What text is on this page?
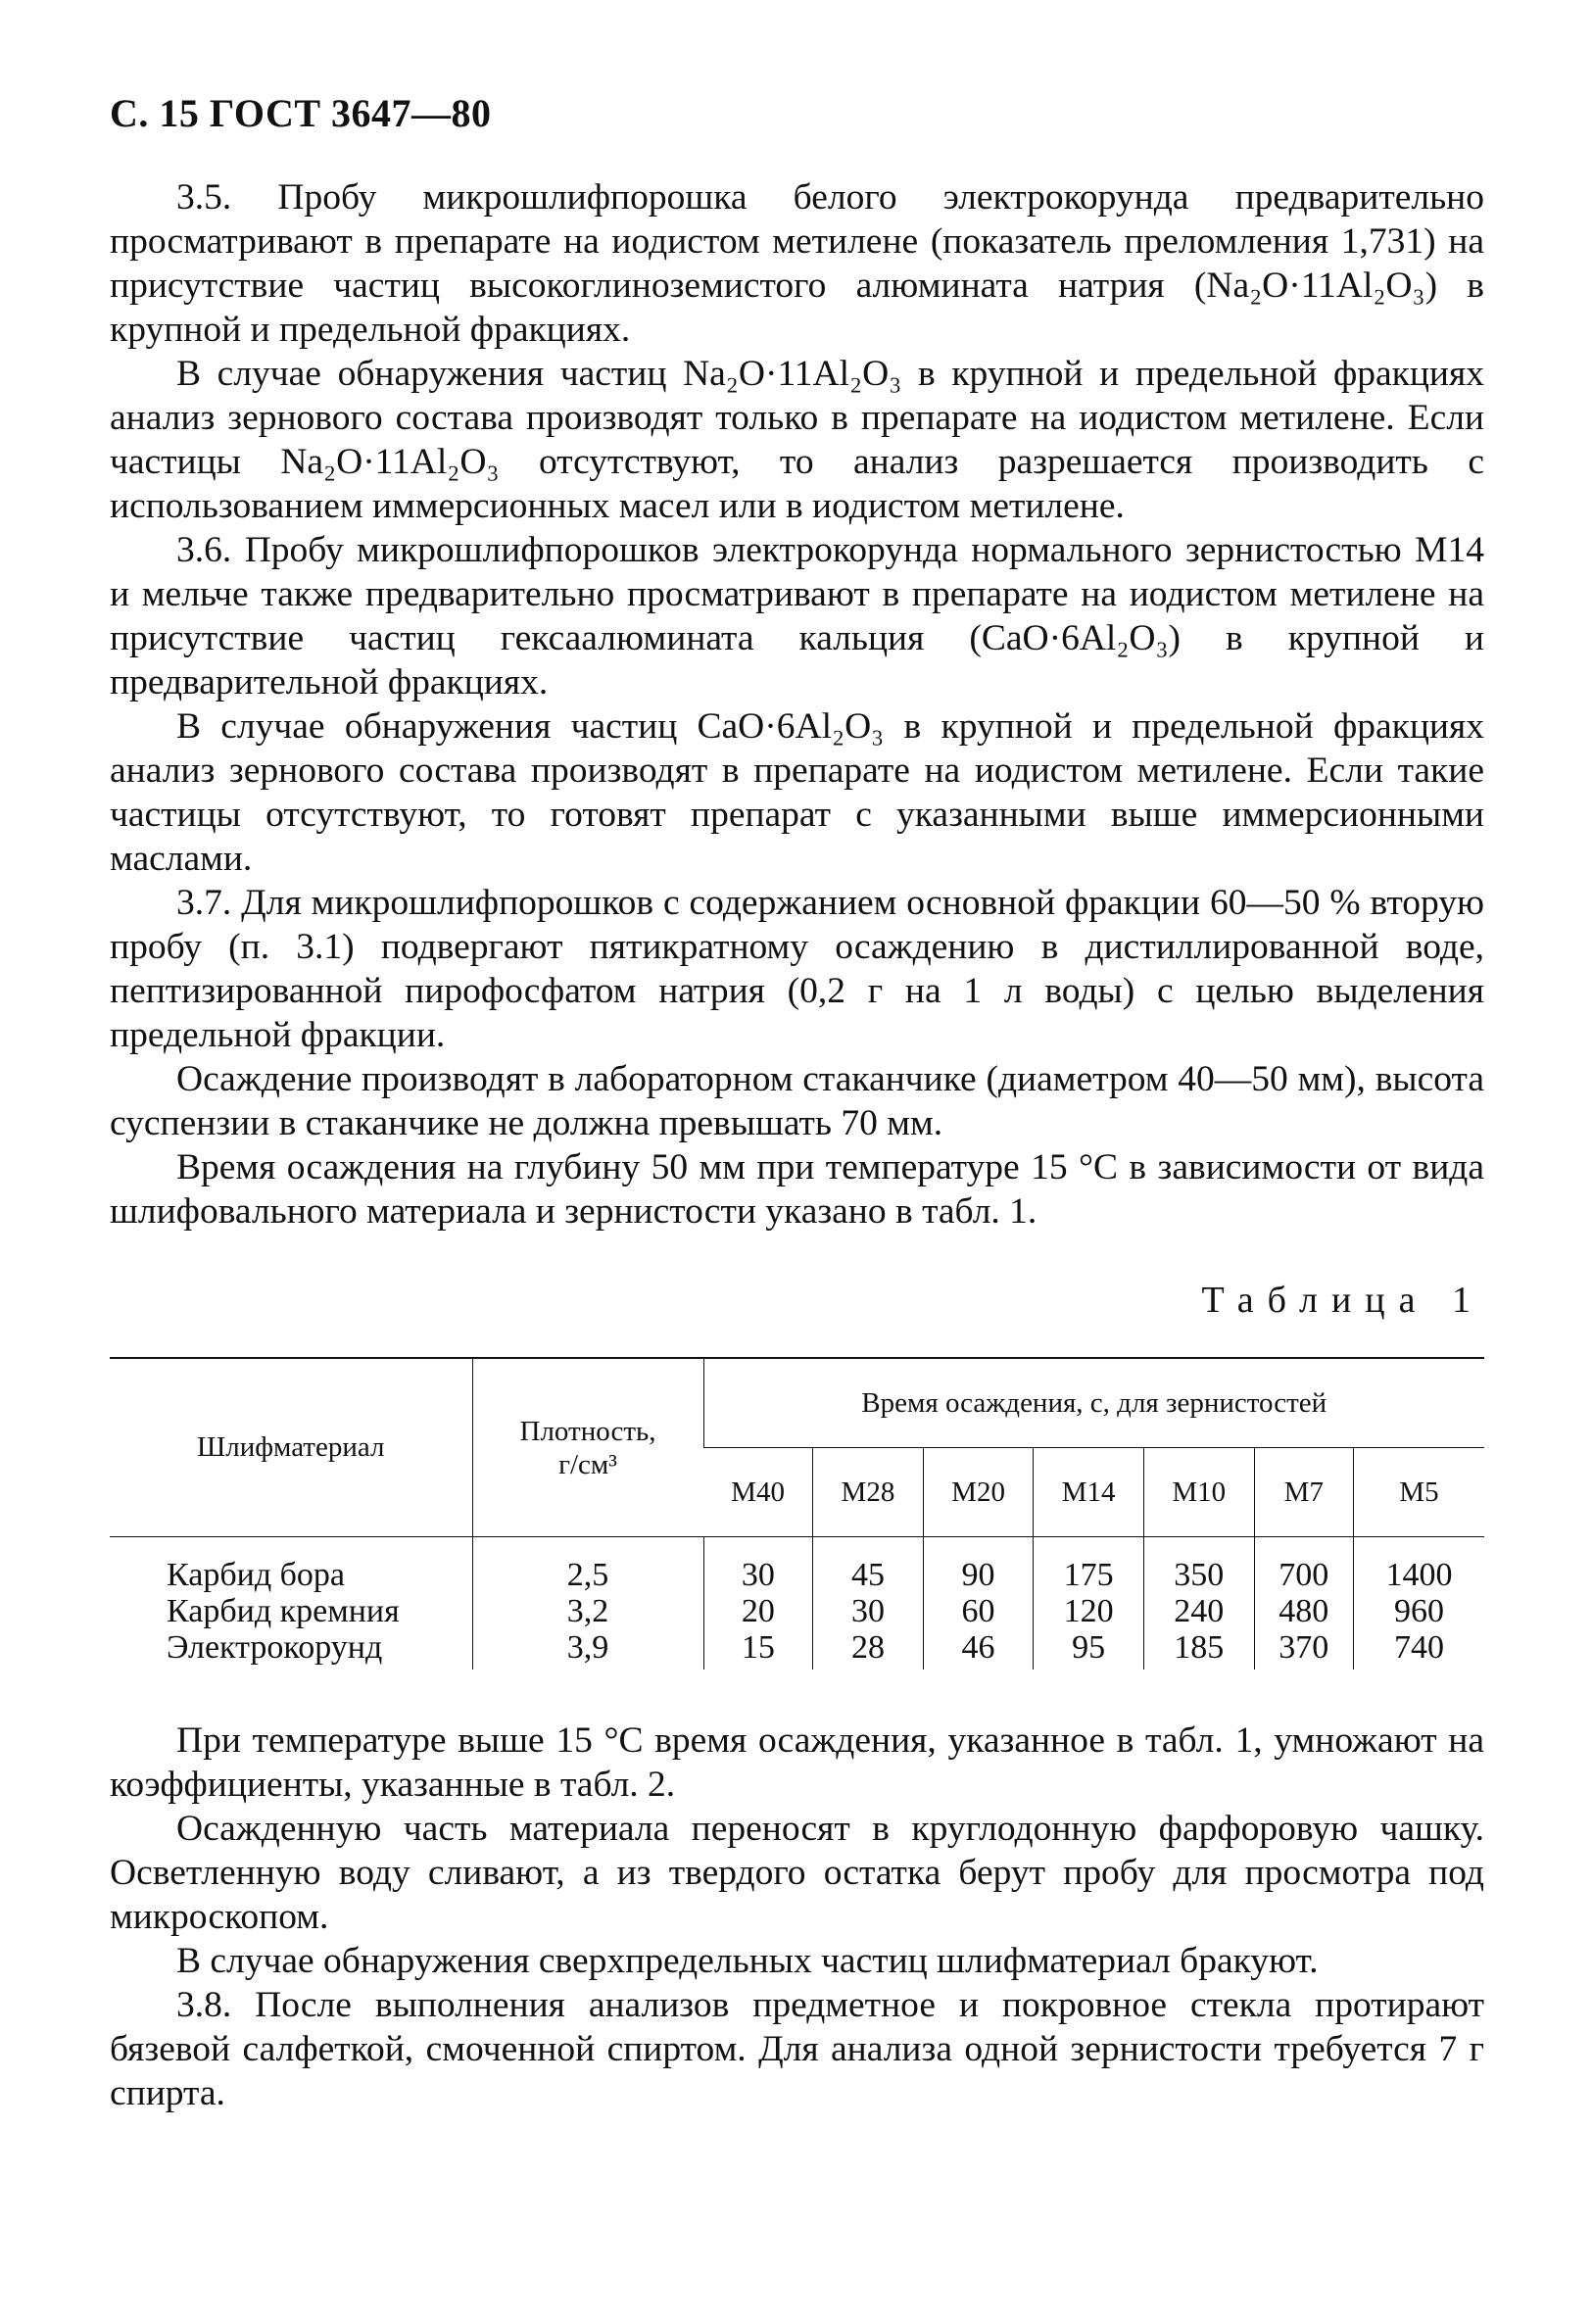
С. 15 ГОСТ 3647—80

3.5. Пробу микрошлифпорошка белого электрокорунда предварительно просматривают в препарате на иодистом метилене (показатель преломления 1,731) на присутствие частиц высокоглиноземистого алюмината натрия (Na₂O·11Al₂O₃) в крупной и предельной фракциях.

В случае обнаружения частиц Na₂O·11Al₂O₃ в крупной и предельной фракциях анализ зернового состава производят только в препарате на иодистом метилене. Если частицы Na₂O·11Al₂O₃ отсутствуют, то анализ разрешается производить с использованием иммерсионных масел или в иодистом метилене.

3.6. Пробу микрошлифпорошков электрокорунда нормального зернистостью М14 и мельче также предварительно просматривают в препарате на иодистом метилене на присутствие частиц гексаалюмината кальция (CaO·6Al₂O₃) в крупной и предварительной фракциях.

В случае обнаружения частиц CaO·6Al₂O₃ в крупной и предельной фракциях анализ зернового состава производят в препарате на иодистом метилене. Если такие частицы отсутствуют, то готовят препарат с указанными выше иммерсионными маслами.

3.7. Для микрошлифпорошков с содержанием основной фракции 60—50 % вторую пробу (п. 3.1) подвергают пятикратному осаждению в дистиллированной воде, пептизированной пирофосфатом натрия (0,2 г на 1 л воды) с целью выделения предельной фракции.

Осаждение производят в лабораторном стаканчике (диаметром 40—50 мм), высота суспензии в стаканчике не должна превышать 70 мм.

Время осаждения на глубину 50 мм при температуре 15 °С в зависимости от вида шлифовального материала и зернистости указано в табл. 1.

Таблица 1
Шлифматериал	Плотность, г/см³	Время осаждения, с, для зернистостей						
		М40	М28	М20	М14	М10	М7	М5

Карбид бора	2,5	30	45	90	175	350	700	1400
Карбид кремния	3,2	20	30	60	120	240	480	960
Электрокорунд	3,9	15	28	46	95	185	370	740

При температуре выше 15 °С время осаждения, указанное в табл. 1, умножают на коэффициенты, указанные в табл. 2.

Осажденную часть материала переносят в круглодонную фарфоровую чашку. Осветленную воду сливают, а из твердого остатка берут пробу для просмотра под микроскопом.

В случае обнаружения сверхпредельных частиц шлифматериал бракуют.

3.8. После выполнения анализов предметное и покровное стекла протирают бязевой салфеткой, смоченной спиртом. Для анализа одной зернистости требуется 7 г спирта.
